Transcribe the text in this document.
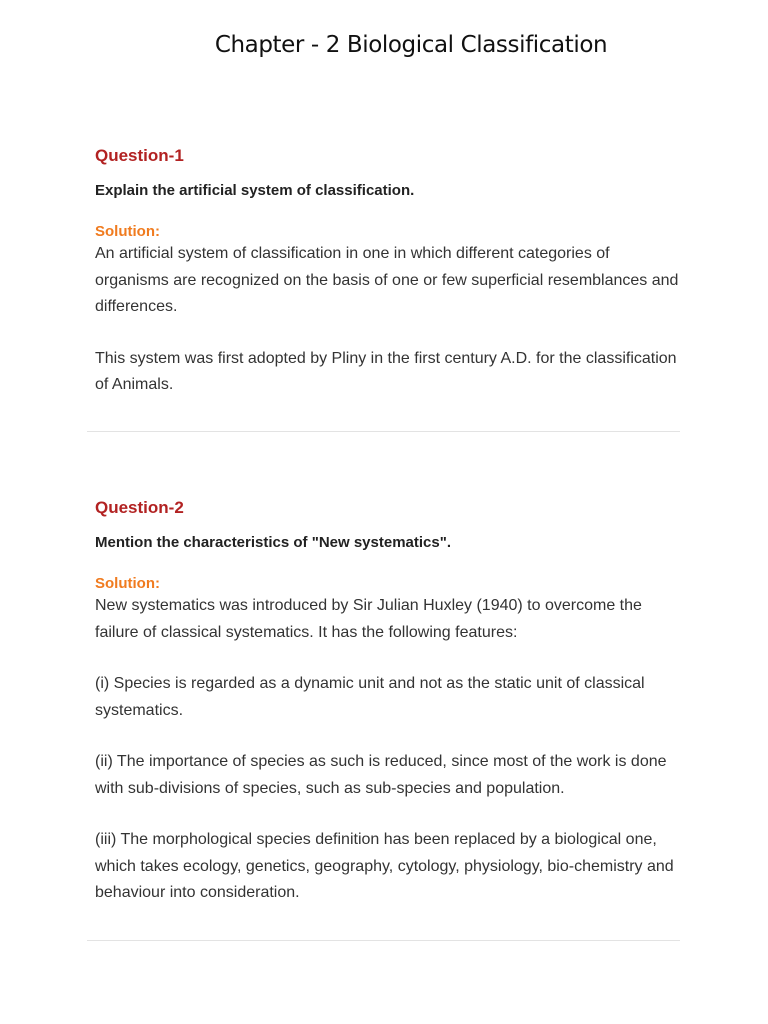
Chapter - 2 Biological Classification
Question-1
Explain the artificial system of classification.
Solution:

An artificial system of classification in one in which different categories of organisms are recognized on the basis of one or few superficial resemblances and differences.

This system was first adopted by Pliny in the first century A.D. for the classification of Animals.

Question-2
Mention the characteristics of "New systematics".
Solution:

New systematics was introduced by Sir Julian Huxley (1940) to overcome the failure of classical systematics. It has the following features:

(i) Species is regarded as a dynamic unit and not as the static unit of classical systematics.

(ii) The importance of species as such is reduced, since most of the work is done with sub-divisions of species, such as sub-species and population.

(iii) The morphological species definition has been replaced by a biological one, which takes ecology, genetics, geography, cytology, physiology, bio-chemistry and behaviour into consideration.
